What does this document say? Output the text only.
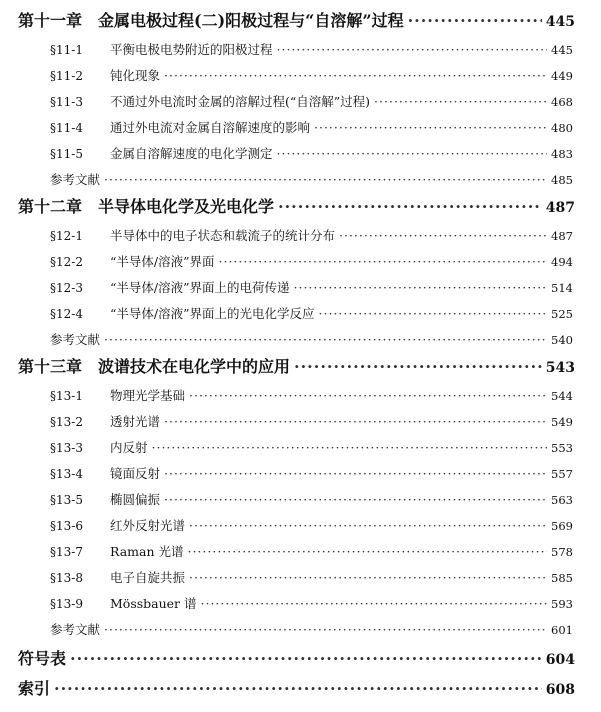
第十一章 金属电极过程(二)阳极过程与“自溶解”过程 ·····	445
§11-1	平衡电极电势附近的阳极过程 ·····	445
§11-2	钝化现象 ·····	449
§11-3	不通过外电流时金属的溶解过程(“自溶解”过程) ·····	468
§11-4	通过外电流对金属自溶解速度的影响 ·····	480
§11-5	金属自溶解速度的电化学测定 ·····	483
参考文献 ·····	485
第十二章 半导体电化学及光电化学 ·····	487
§12-1	半导体中的电子状态和载流子的统计分布 ·····	487
§12-2	“半导体/溶液”界面 ·····	494
§12-3	“半导体/溶液”界面上的电荷传递 ·····	514
§12-4	“半导体/溶液”界面上的光电化学反应 ·····	525
参考文献 ·····	540
第十三章 波谱技术在电化学中的应用 ·····	543
§13-1	物理光学基础 ·····	544
§13-2	透射光谱 ·····	549
§13-3	内反射 ·····	553
§13-4	镜面反射 ·····	557
§13-5	椭圆偏振 ·····	563
§13-6	红外反射光谱 ·····	569
§13-7	Raman 光谱 ·····	578
§13-8	电子自旋共振 ·····	585
§13-9	Mössbauer 谱 ·····	593
参考文献 ·····	601
符号表 ·····	604
索引 ·····	608
